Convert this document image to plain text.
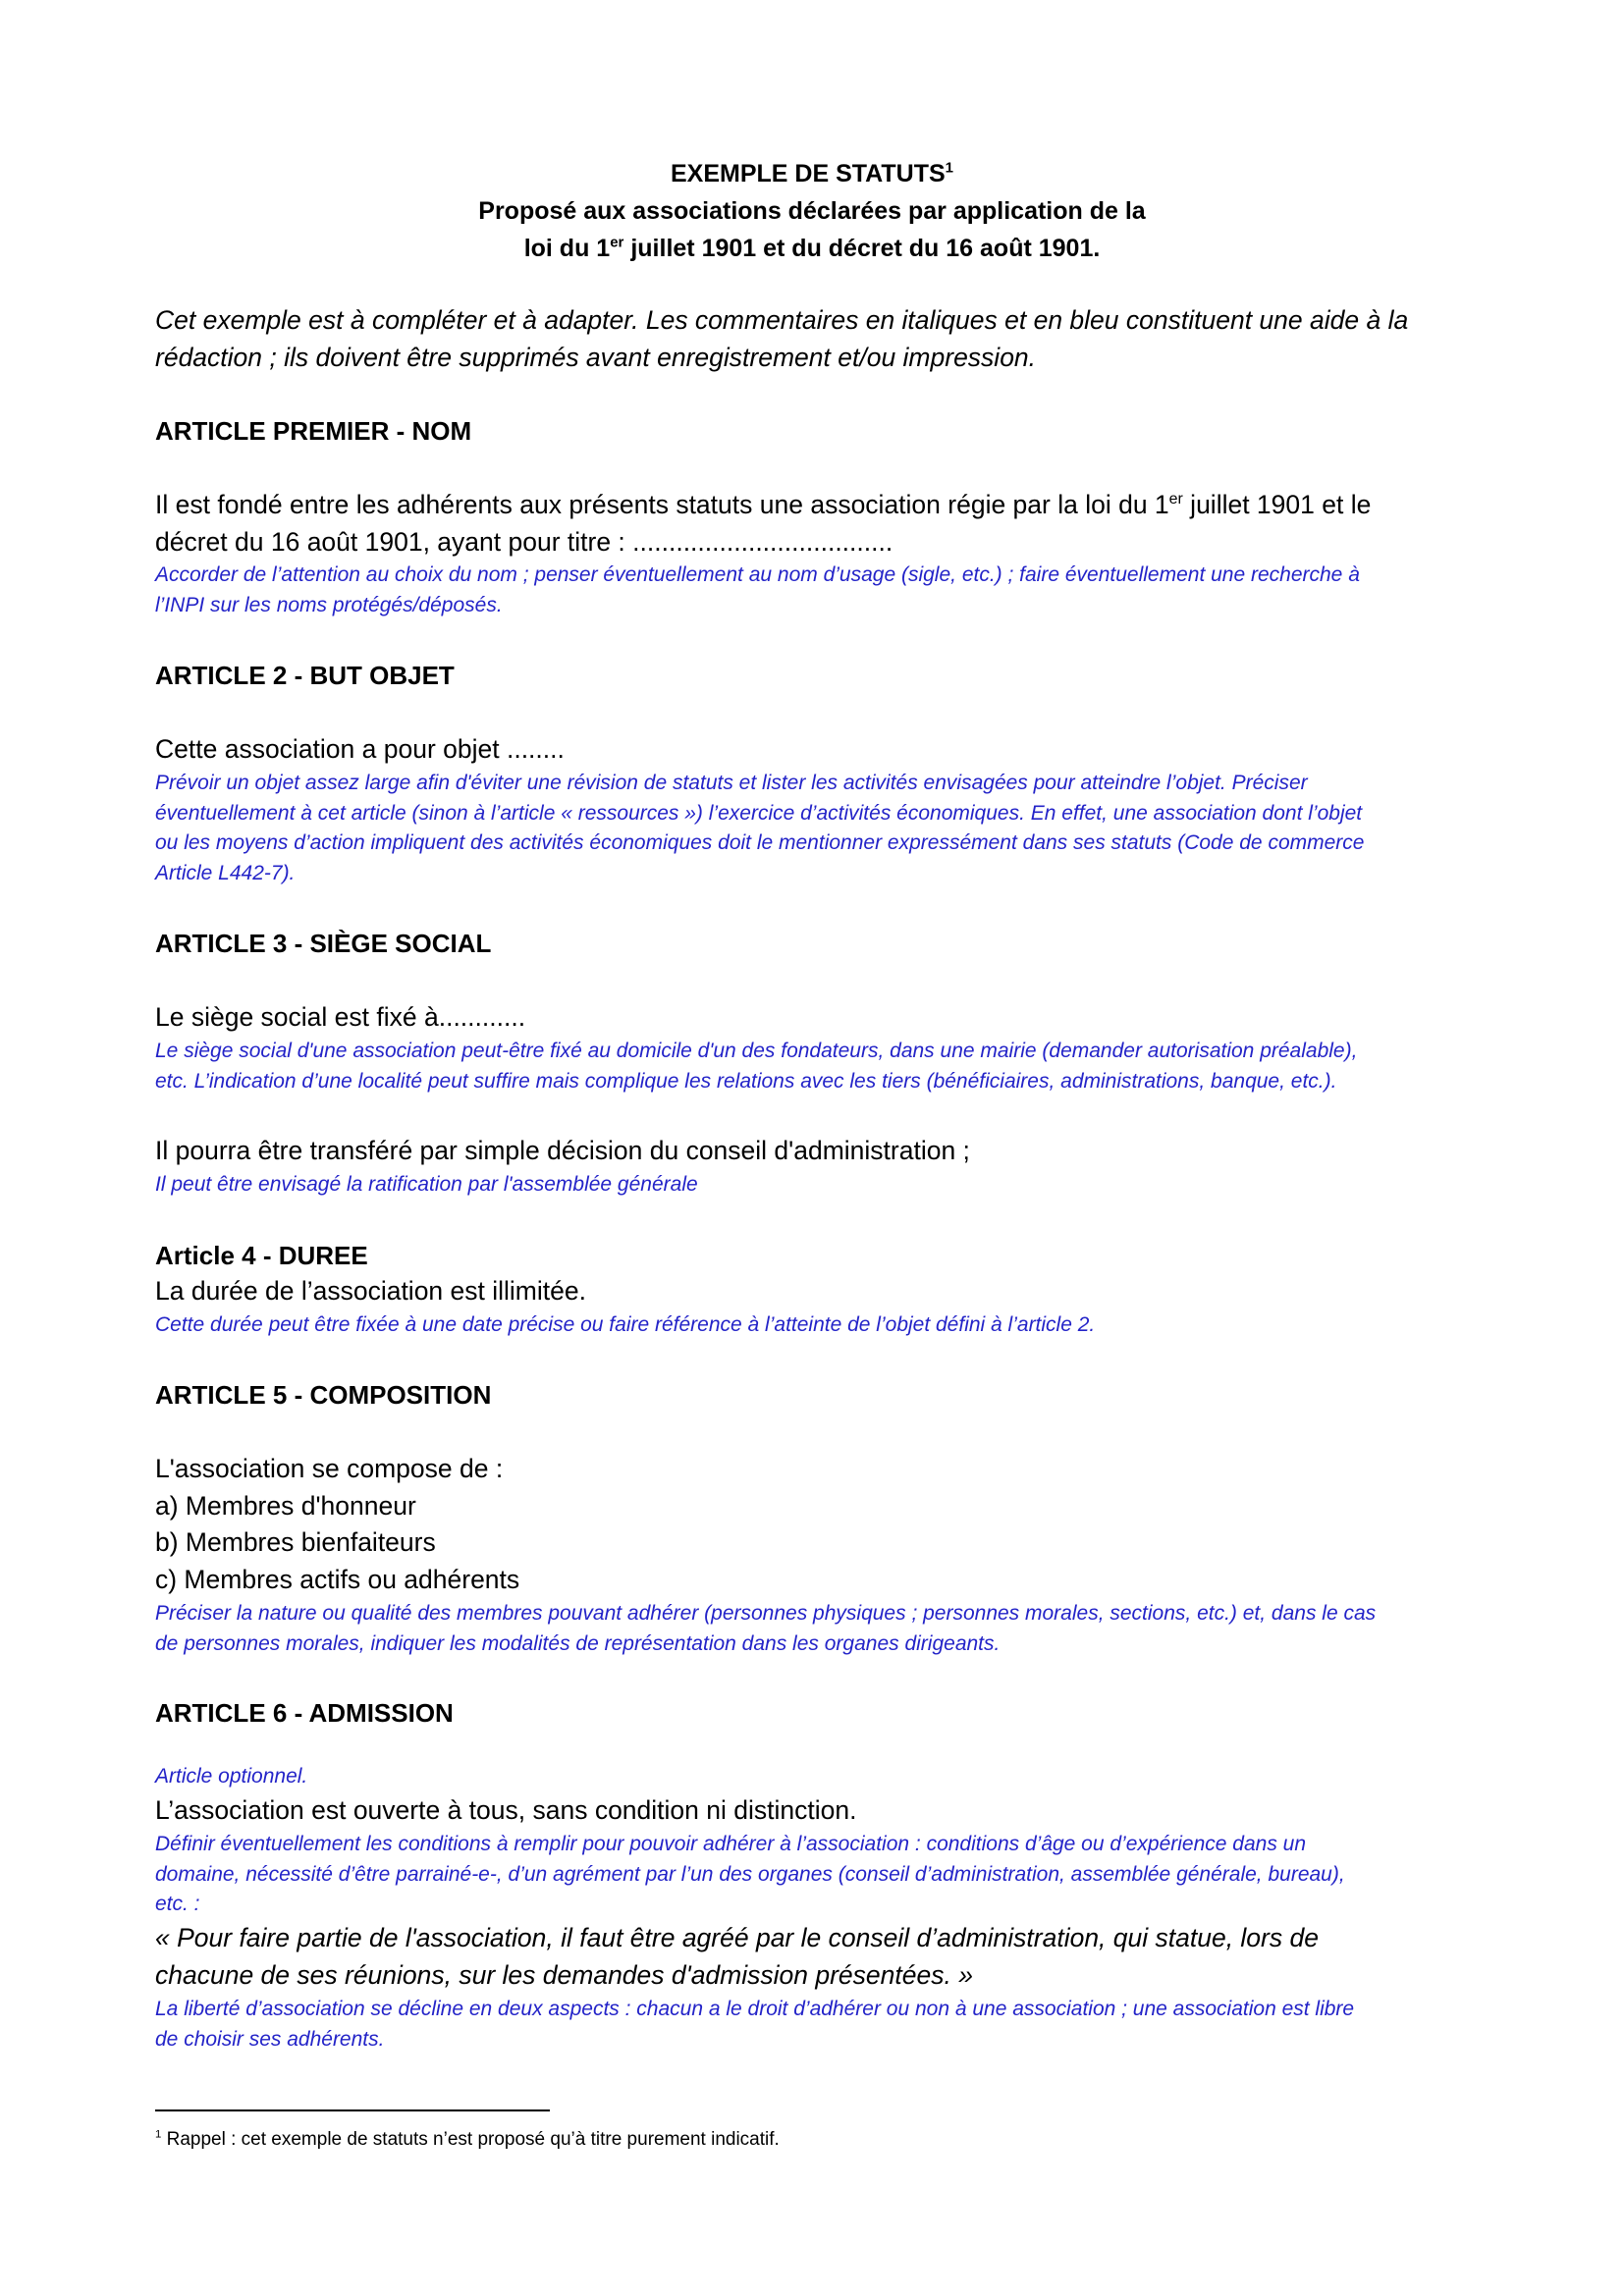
EXEMPLE DE STATUTS$^1$
Proposé aux associations déclarées par application de la
loi du 1er juillet 1901 et du décret du 16 août 1901.
Cet exemple est à compléter et à adapter. Les commentaires en italiques et en bleu constituent une aide à la
rédaction ; ils doivent être supprimés avant enregistrement et/ou impression.
ARTICLE PREMIER - NOM
Il est fondé entre les adhérents aux présents statuts une association régie par la loi du 1er juillet 1901 et le
décret du 16 août 1901, ayant pour titre : ....................................
Accorder de l’attention au choix du nom ; penser éventuellement au nom d’usage (sigle, etc.) ; faire éventuellement une recherche à
l’INPI sur les noms protégés/déposés.
ARTICLE 2 - BUT OBJET
Cette association a pour objet ........
Prévoir un objet assez large afin d'éviter une révision de statuts et lister les activités envisagées pour atteindre l’objet. Préciser
éventuellement à cet article (sinon à l’article « ressources ») l’exercice d’activités économiques. En effet, une association dont l’objet
ou les moyens d’action impliquent des activités économiques doit le mentionner expressément dans ses statuts (Code de commerce
Article L442-7).
ARTICLE 3 - SIÈGE SOCIAL
Le siège social est fixé à............
Le siège social d'une association peut-être fixé au domicile d'un des fondateurs, dans une mairie (demander autorisation préalable),
etc. L’indication d’une localité peut suffire mais complique les relations avec les tiers (bénéficiaires, administrations, banque, etc.).
Il pourra être transféré par simple décision du conseil d'administration ;
Il peut être envisagé la ratification par l'assemblée générale
Article 4 - DUREE
La durée de l’association est illimitée.
Cette durée peut être fixée à une date précise ou faire référence à l’atteinte de l’objet défini à l’article 2.
ARTICLE 5 - COMPOSITION
L'association se compose de :
a) Membres d'honneur
b) Membres bienfaiteurs
c) Membres actifs ou adhérents
Préciser la nature ou qualité des membres pouvant adhérer (personnes physiques ; personnes morales, sections, etc.) et, dans le cas
de personnes morales, indiquer les modalités de représentation dans les organes dirigeants.
ARTICLE 6 - ADMISSION
Article optionnel.
L’association est ouverte à tous, sans condition ni distinction.
Définir éventuellement les conditions à remplir pour pouvoir adhérer à l’association : conditions d’âge ou d’expérience dans un
domaine, nécessité d’être parrainé-e-, d’un agrément par l’un des organes (conseil d’administration, assemblée générale, bureau),
etc. :
« Pour faire partie de l'association, il faut être agréé par le conseil d’administration, qui statue, lors de
chacune de ses réunions, sur les demandes d'admission présentées. »
La liberté d’association se décline en deux aspects : chacun a le droit d’adhérer ou non à une association ; une association est libre
de choisir ses adhérents.
$^1$ Rappel : cet exemple de statuts n’est proposé qu’à titre purement indicatif.
